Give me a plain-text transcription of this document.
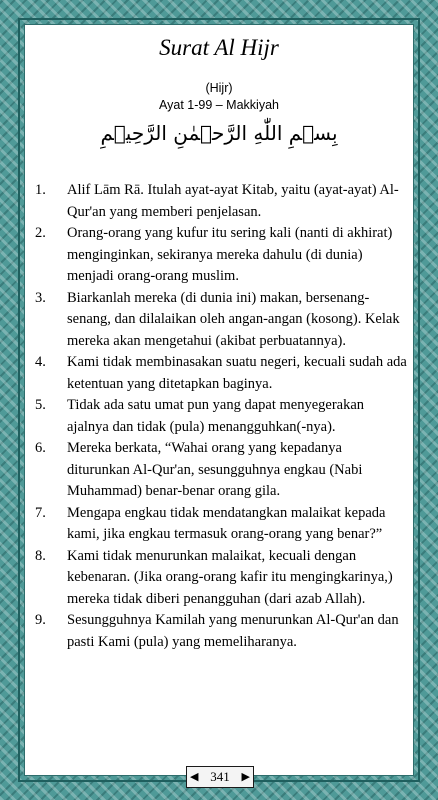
Surat Al Hijr
(Hijr)
Ayat 1-99 – Makkiyah
بِسۡمِ اللّٰهِ الرَّحۡمٰنِ الرَّحِيۡمِ
1.	Alif Lām Rā. Itulah ayat-ayat Kitab, yaitu (ayat-ayat) Al-Qur'an yang memberi penjelasan.
2.	Orang-orang yang kufur itu sering kali (nanti di akhirat) menginginkan, sekiranya mereka dahulu (di dunia) menjadi orang-orang muslim.
3.	Biarkanlah mereka (di dunia ini) makan, bersenang-senang, dan dilalaikan oleh angan-angan (kosong). Kelak mereka akan mengetahui (akibat perbuatannya).
4.	Kami tidak membinasakan suatu negeri, kecuali sudah ada ketentuan yang ditetapkan baginya.
5.	Tidak ada satu umat pun yang dapat menyegerakan ajalnya dan tidak (pula) menangguhkan(-nya).
6.	Mereka berkata, “Wahai orang yang kepadanya diturunkan Al-Qur'an, sesungguhnya engkau (Nabi Muhammad) benar-benar orang gila.
7.	Mengapa engkau tidak mendatangkan malaikat kepada kami, jika engkau termasuk orang-orang yang benar?”
8.	Kami tidak menurunkan malaikat, kecuali dengan kebenaran. (Jika orang-orang kafir itu mengingkarinya,) mereka tidak diberi penangguhan (dari azab Allah).
9.	Sesungguhnya Kamilah yang menurunkan Al-Qur'an dan pasti Kami (pula) yang memeliharanya.
◀ 341 ▶
